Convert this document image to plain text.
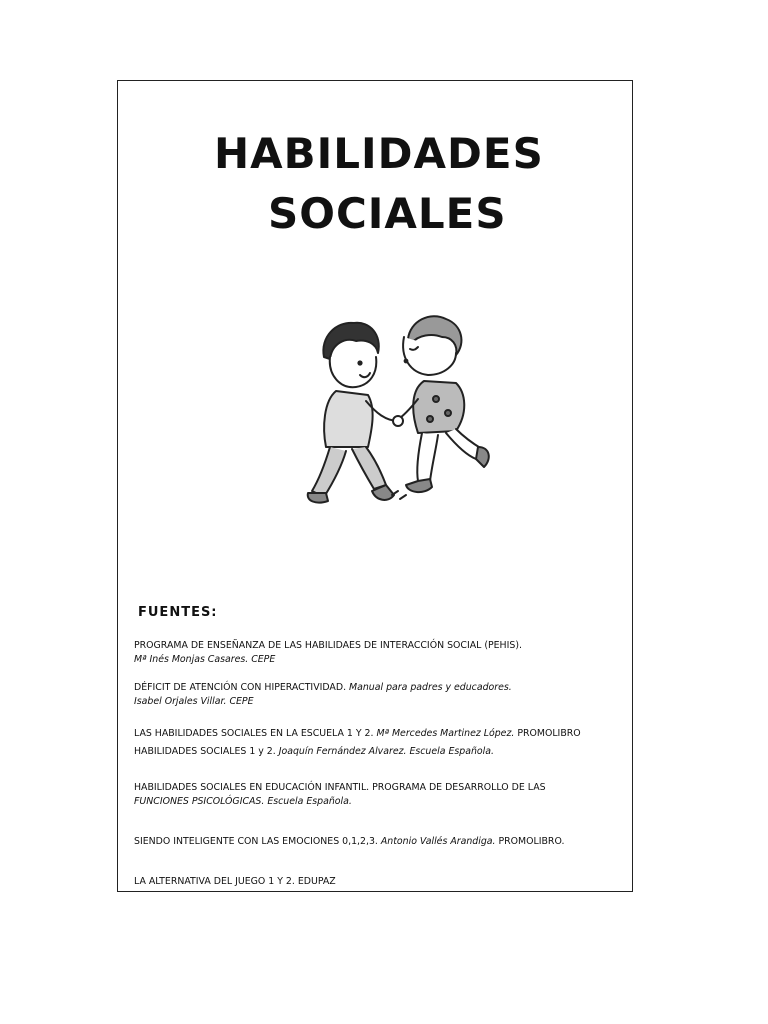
HABILIDADES
SOCIALES
FUENTES:
PROGRAMA DE ENSEÑANZA DE LAS HABILIDAES DE INTERACCIÓN SOCIAL (PEHIS).
Mª Inés Monjas Casares. CEPE
DÉFICIT DE ATENCIÓN CON HIPERACTIVIDAD. Manual para padres y educadores.
Isabel Orjales Villar. CEPE
LAS HABILIDADES SOCIALES EN LA ESCUELA 1 Y 2. Mª Mercedes Martinez López. PROMOLIBRO
HABILIDADES SOCIALES 1 y 2. Joaquín Fernández Alvarez. Escuela Española.
HABILIDADES SOCIALES EN EDUCACIÓN INFANTIL. PROGRAMA DE DESARROLLO DE LAS
FUNCIONES PSICOLÓGICAS. Escuela Española.
SIENDO INTELIGENTE CON LAS EMOCIONES 0,1,2,3. Antonio Vallés Arandiga. PROMOLIBRO.
LA ALTERNATIVA DEL JUEGO 1 Y 2. EDUPAZ
